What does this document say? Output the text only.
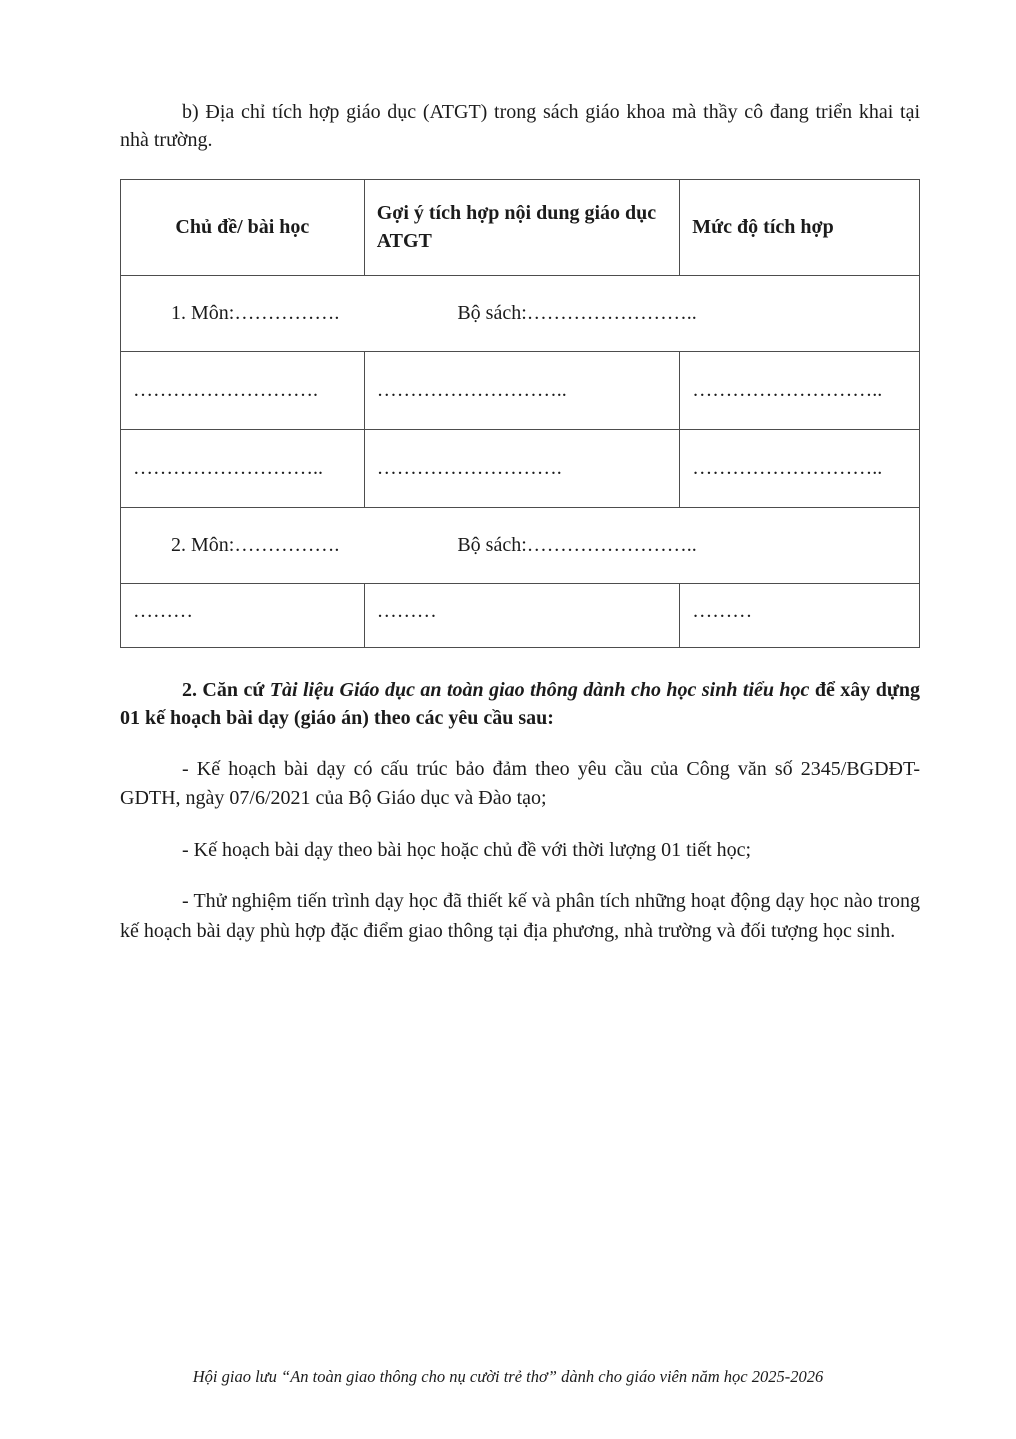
b) Địa chỉ tích hợp giáo dục (ATGT) trong sách giáo khoa mà thầy cô đang triển khai tại nhà trường.

Chủ đề/ bài học	Gợi ý tích hợp nội dung giáo dục ATGT	Mức độ tích hợp

1. Môn:……………. Bộ sách:……………………..		

……………………….	………………………..	………………………..
………………………..	……………………….	………………………..

2. Môn:……………. Bộ sách:……………………..		

………	………	………

2. Căn cứ Tài liệu Giáo dục an toàn giao thông dành cho học sinh tiểu học để xây dựng 01 kế hoạch bài dạy (giáo án) theo các yêu cầu sau:

- Kế hoạch bài dạy có cấu trúc bảo đảm theo yêu cầu của Công văn số 2345/BGDĐT-GDTH, ngày 07/6/2021 của Bộ Giáo dục và Đào tạo;

- Kế hoạch bài dạy theo bài học hoặc chủ đề với thời lượng 01 tiết học;

- Thử nghiệm tiến trình dạy học đã thiết kế và phân tích những hoạt động dạy học nào trong kế hoạch bài dạy phù hợp đặc điểm giao thông tại địa phương, nhà trường và đối tượng học sinh.

Hội giao lưu “An toàn giao thông cho nụ cười trẻ thơ” dành cho giáo viên năm học 2025-2026
